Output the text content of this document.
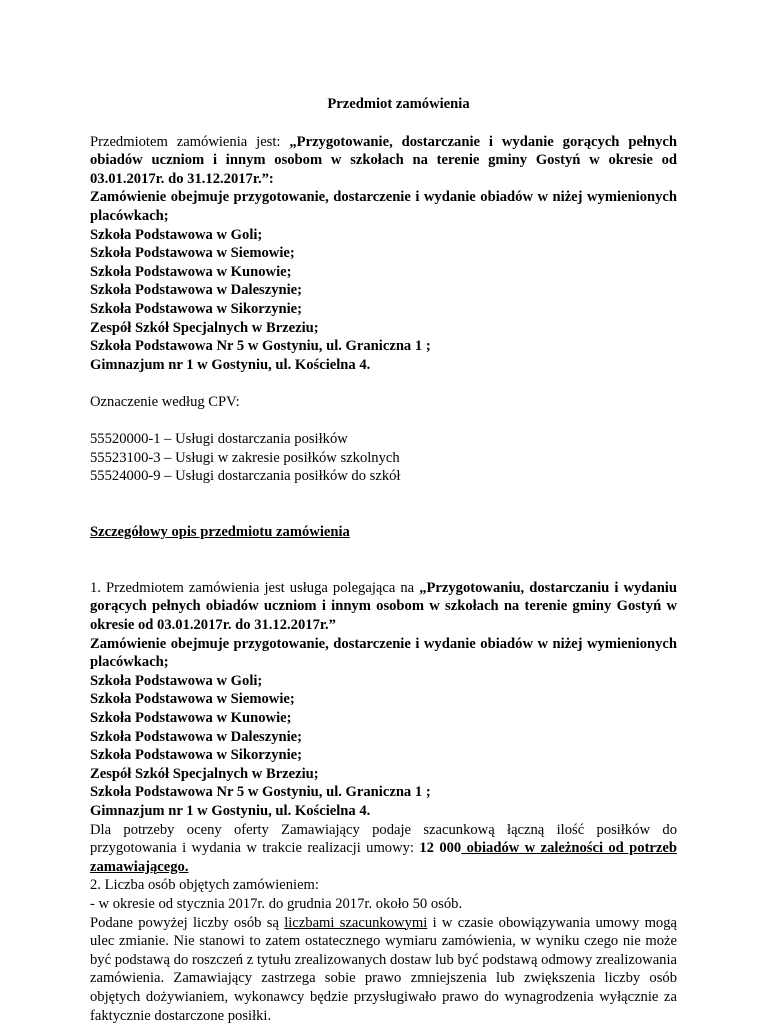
Przedmiot zamówienia

Przedmiotem zamówienia jest: „Przygotowanie, dostarczanie i wydanie gorących pełnych obiadów uczniom i innym osobom w szkołach na terenie gminy Gostyń w okresie od 03.01.2017r. do 31.12.2017r.”:

Zamówienie obejmuje przygotowanie, dostarczenie i wydanie obiadów w niżej wymienionych placówkach;

Szkoła Podstawowa w Goli;

Szkoła Podstawowa w Siemowie;

Szkoła Podstawowa w Kunowie;

Szkoła Podstawowa w Daleszynie;

Szkoła Podstawowa w Sikorzynie;

Zespół Szkół Specjalnych w Brzeziu;

Szkoła Podstawowa Nr 5 w Gostyniu, ul. Graniczna 1 ;

Gimnazjum nr 1 w Gostyniu, ul. Kościelna 4.

Oznaczenie według CPV:

55520000-1 – Usługi dostarczania posiłków

55523100-3 – Usługi w zakresie posiłków szkolnych

55524000-9 – Usługi dostarczania posiłków do szkół

Szczegółowy opis przedmiotu zamówienia

1. Przedmiotem zamówienia jest usługa polegająca na „Przygotowaniu, dostarczaniu i wydaniu gorących pełnych obiadów uczniom i innym osobom w szkołach na terenie gminy Gostyń w okresie od 03.01.2017r. do 31.12.2017r.”

Zamówienie obejmuje przygotowanie, dostarczenie i wydanie obiadów w niżej wymienionych placówkach;

Szkoła Podstawowa w Goli;

Szkoła Podstawowa w Siemowie;

Szkoła Podstawowa w Kunowie;

Szkoła Podstawowa w Daleszynie;

Szkoła Podstawowa w Sikorzynie;

Zespół Szkół Specjalnych w Brzeziu;

Szkoła Podstawowa Nr 5 w Gostyniu, ul. Graniczna 1 ;

Gimnazjum nr 1 w Gostyniu, ul. Kościelna 4.

Dla potrzeby oceny oferty Zamawiający podaje szacunkową łączną ilość posiłków do przygotowania i wydania w trakcie realizacji umowy: 12 000 obiadów w zależności od potrzeb zamawiającego.

2. Liczba osób objętych zamówieniem:

- w okresie od stycznia 2017r. do grudnia 2017r. około 50 osób.

Podane powyżej liczby osób są liczbami szacunkowymi i w czasie obowiązywania umowy mogą ulec zmianie. Nie stanowi to zatem ostatecznego wymiaru zamówienia, w wyniku czego nie może być podstawą do roszczeń z tytułu zrealizowanych dostaw lub być podstawą odmowy zrealizowania zamówienia. Zamawiający zastrzega sobie prawo zmniejszenia lub zwiększenia liczby osób objętych dożywianiem, wykonawcy będzie przysługiwało prawo do wynagrodzenia wyłącznie za faktycznie dostarczone posiłki.
